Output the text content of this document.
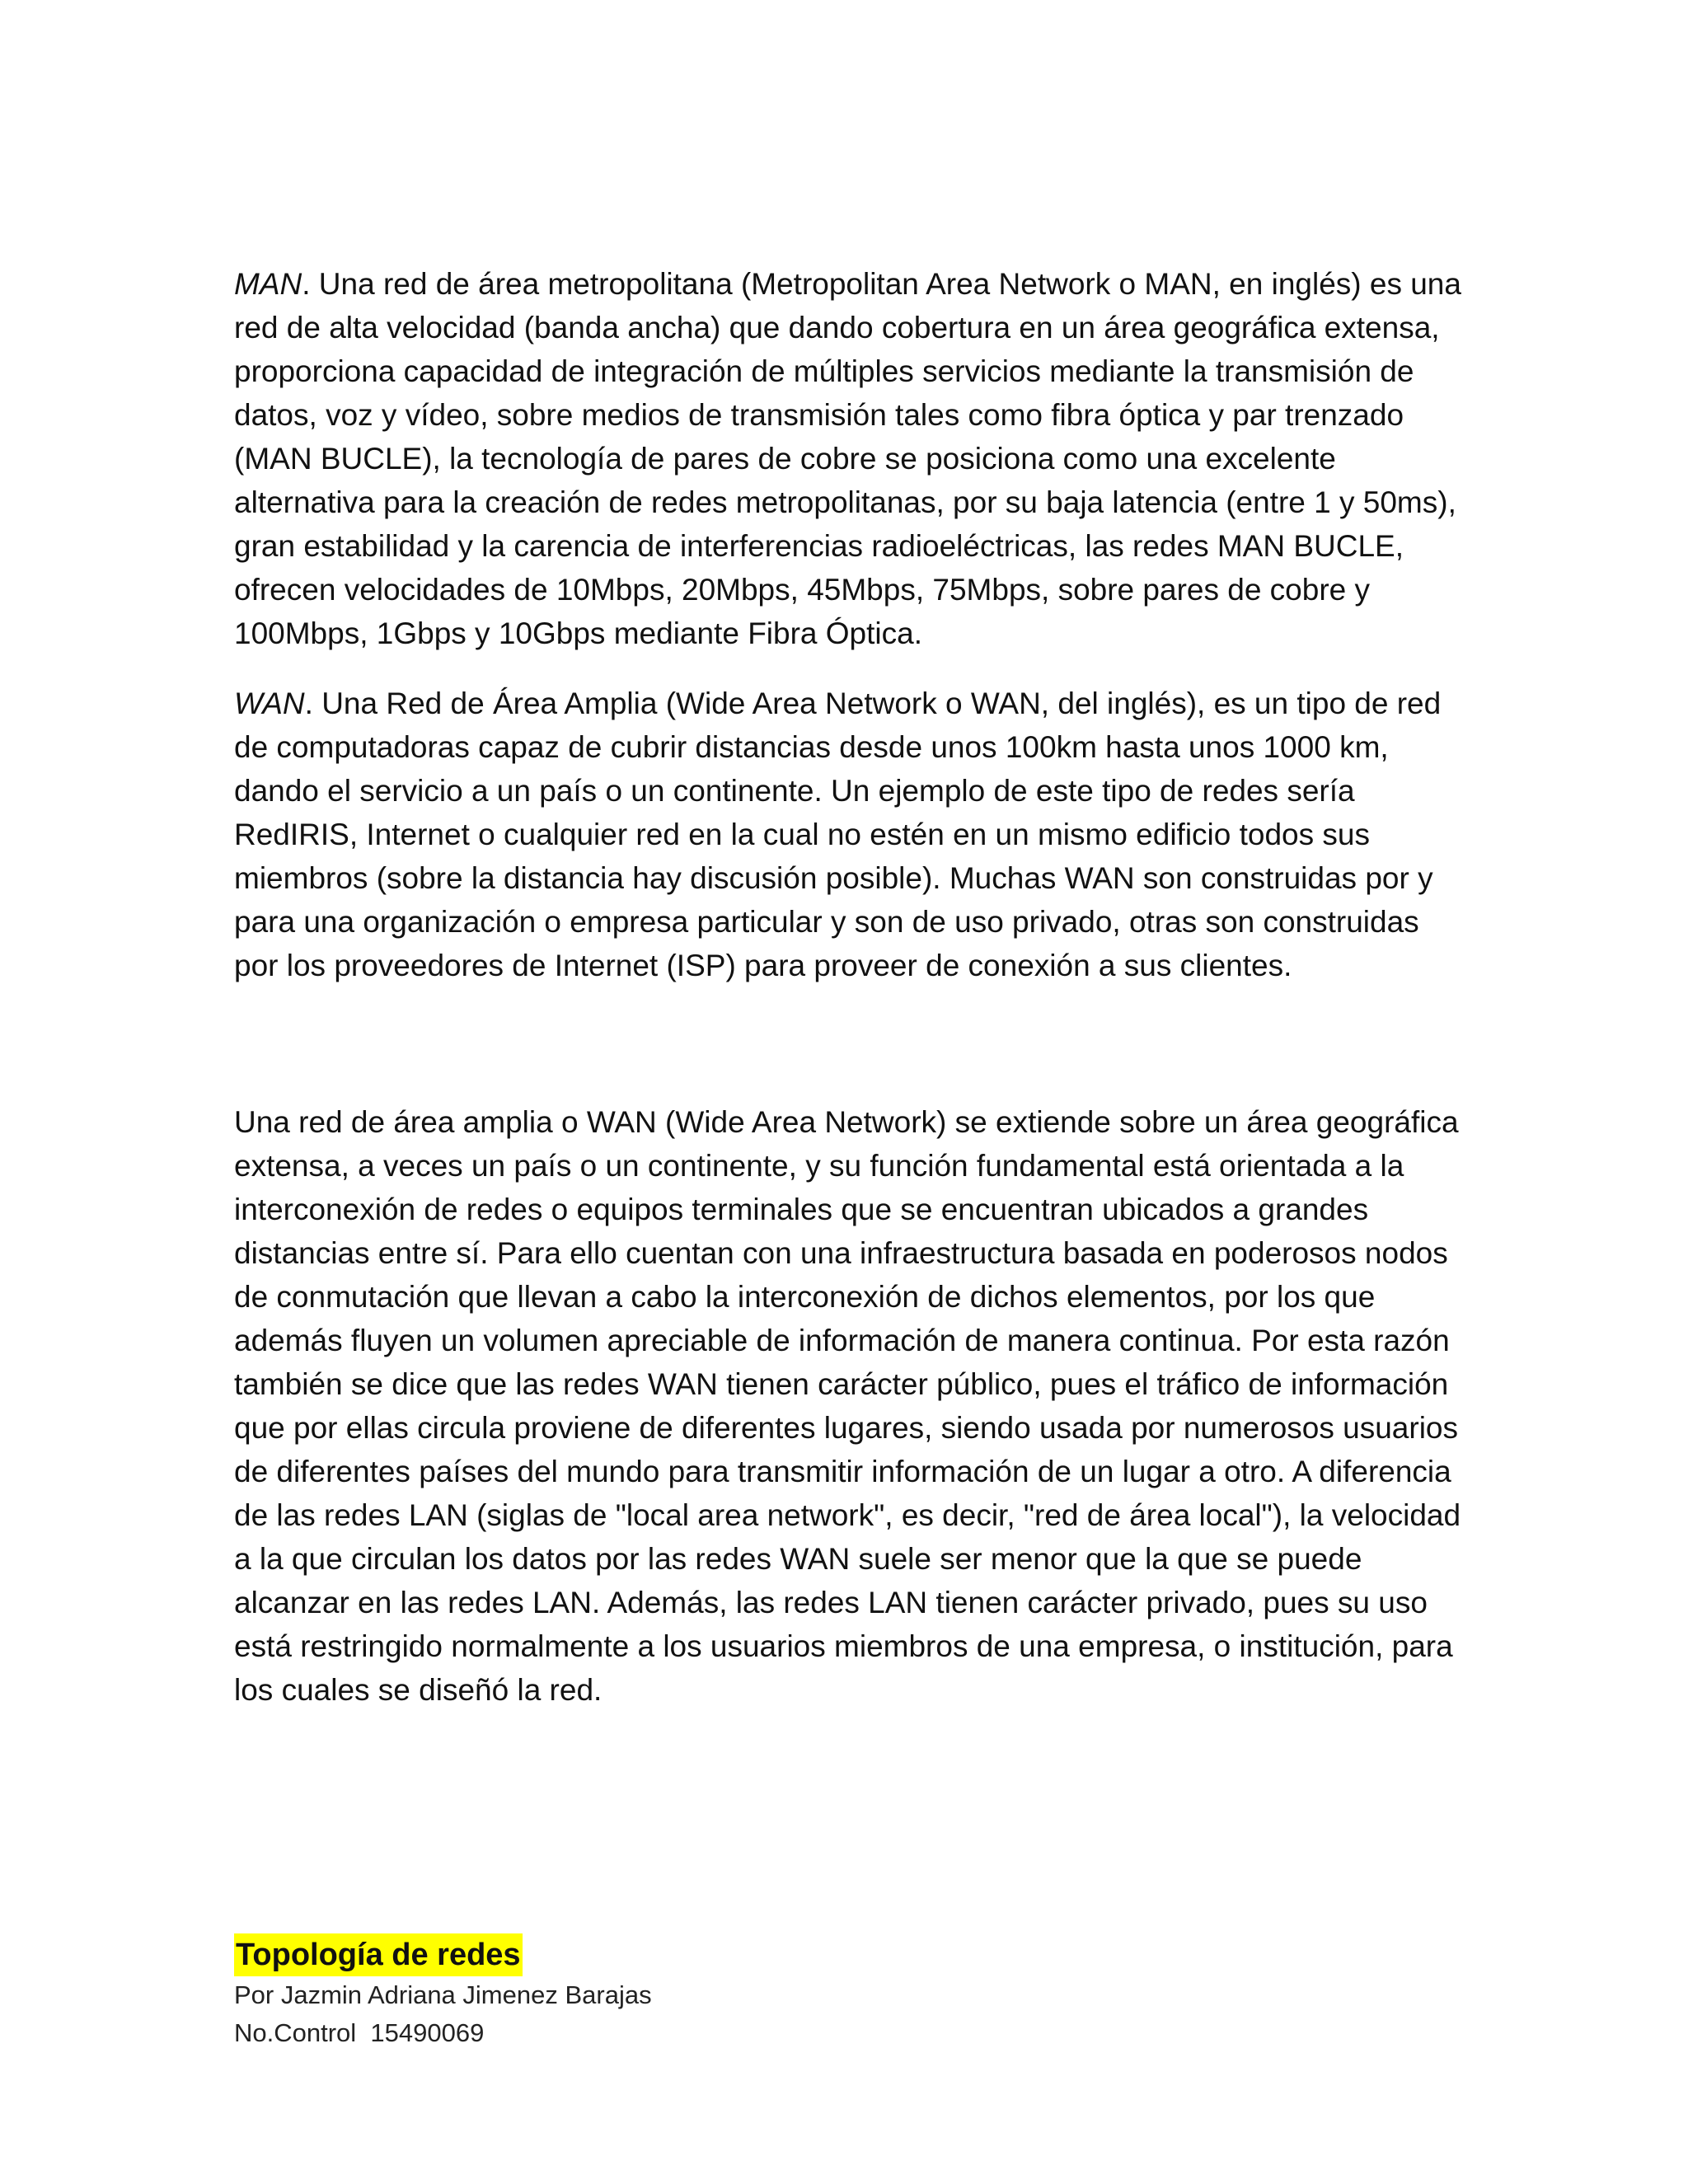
MAN. Una red de área metropolitana (Metropolitan Area Network o MAN, en inglés) es una red de alta velocidad (banda ancha) que dando cobertura en un área geográfica extensa, proporciona capacidad de integración de múltiples servicios mediante la transmisión de datos, voz y vídeo, sobre medios de transmisión tales como fibra óptica y par trenzado (MAN BUCLE), la tecnología de pares de cobre se posiciona como una excelente alternativa para la creación de redes metropolitanas, por su baja latencia (entre 1 y 50ms), gran estabilidad y la carencia de interferencias radioeléctricas, las redes MAN BUCLE, ofrecen velocidades de 10Mbps, 20Mbps, 45Mbps, 75Mbps, sobre pares de cobre y 100Mbps, 1Gbps y 10Gbps mediante Fibra Óptica.

WAN. Una Red de Área Amplia (Wide Area Network o WAN, del inglés), es un tipo de red de computadoras capaz de cubrir distancias desde unos 100km hasta unos 1000 km, dando el servicio a un país o un continente. Un ejemplo de este tipo de redes sería RedIRIS, Internet o cualquier red en la cual no estén en un mismo edificio todos sus miembros (sobre la distancia hay discusión posible). Muchas WAN son construidas por y para una organización o empresa particular y son de uso privado, otras son construidas por los proveedores de Internet (ISP) para proveer de conexión a sus clientes.

Una red de área amplia o WAN (Wide Area Network) se extiende sobre un área geográfica extensa, a veces un país o un continente, y su función fundamental está orientada a la interconexión de redes o equipos terminales que se encuentran ubicados a grandes distancias entre sí. Para ello cuentan con una infraestructura basada en poderosos nodos de conmutación que llevan a cabo la interconexión de dichos elementos, por los que además fluyen un volumen apreciable de información de manera continua. Por esta razón también se dice que las redes WAN tienen carácter público, pues el tráfico de información que por ellas circula proviene de diferentes lugares, siendo usada por numerosos usuarios de diferentes países del mundo para transmitir información de un lugar a otro. A diferencia de las redes LAN (siglas de "local area network", es decir, "red de área local"), la velocidad a la que circulan los datos por las redes WAN suele ser menor que la que se puede alcanzar en las redes LAN. Además, las redes LAN tienen carácter privado, pues su uso está restringido normalmente a los usuarios miembros de una empresa, o institución, para los cuales se diseñó la red.

Topología de redes
Por Jazmin Adriana Jimenez Barajas
No.Control  15490069
